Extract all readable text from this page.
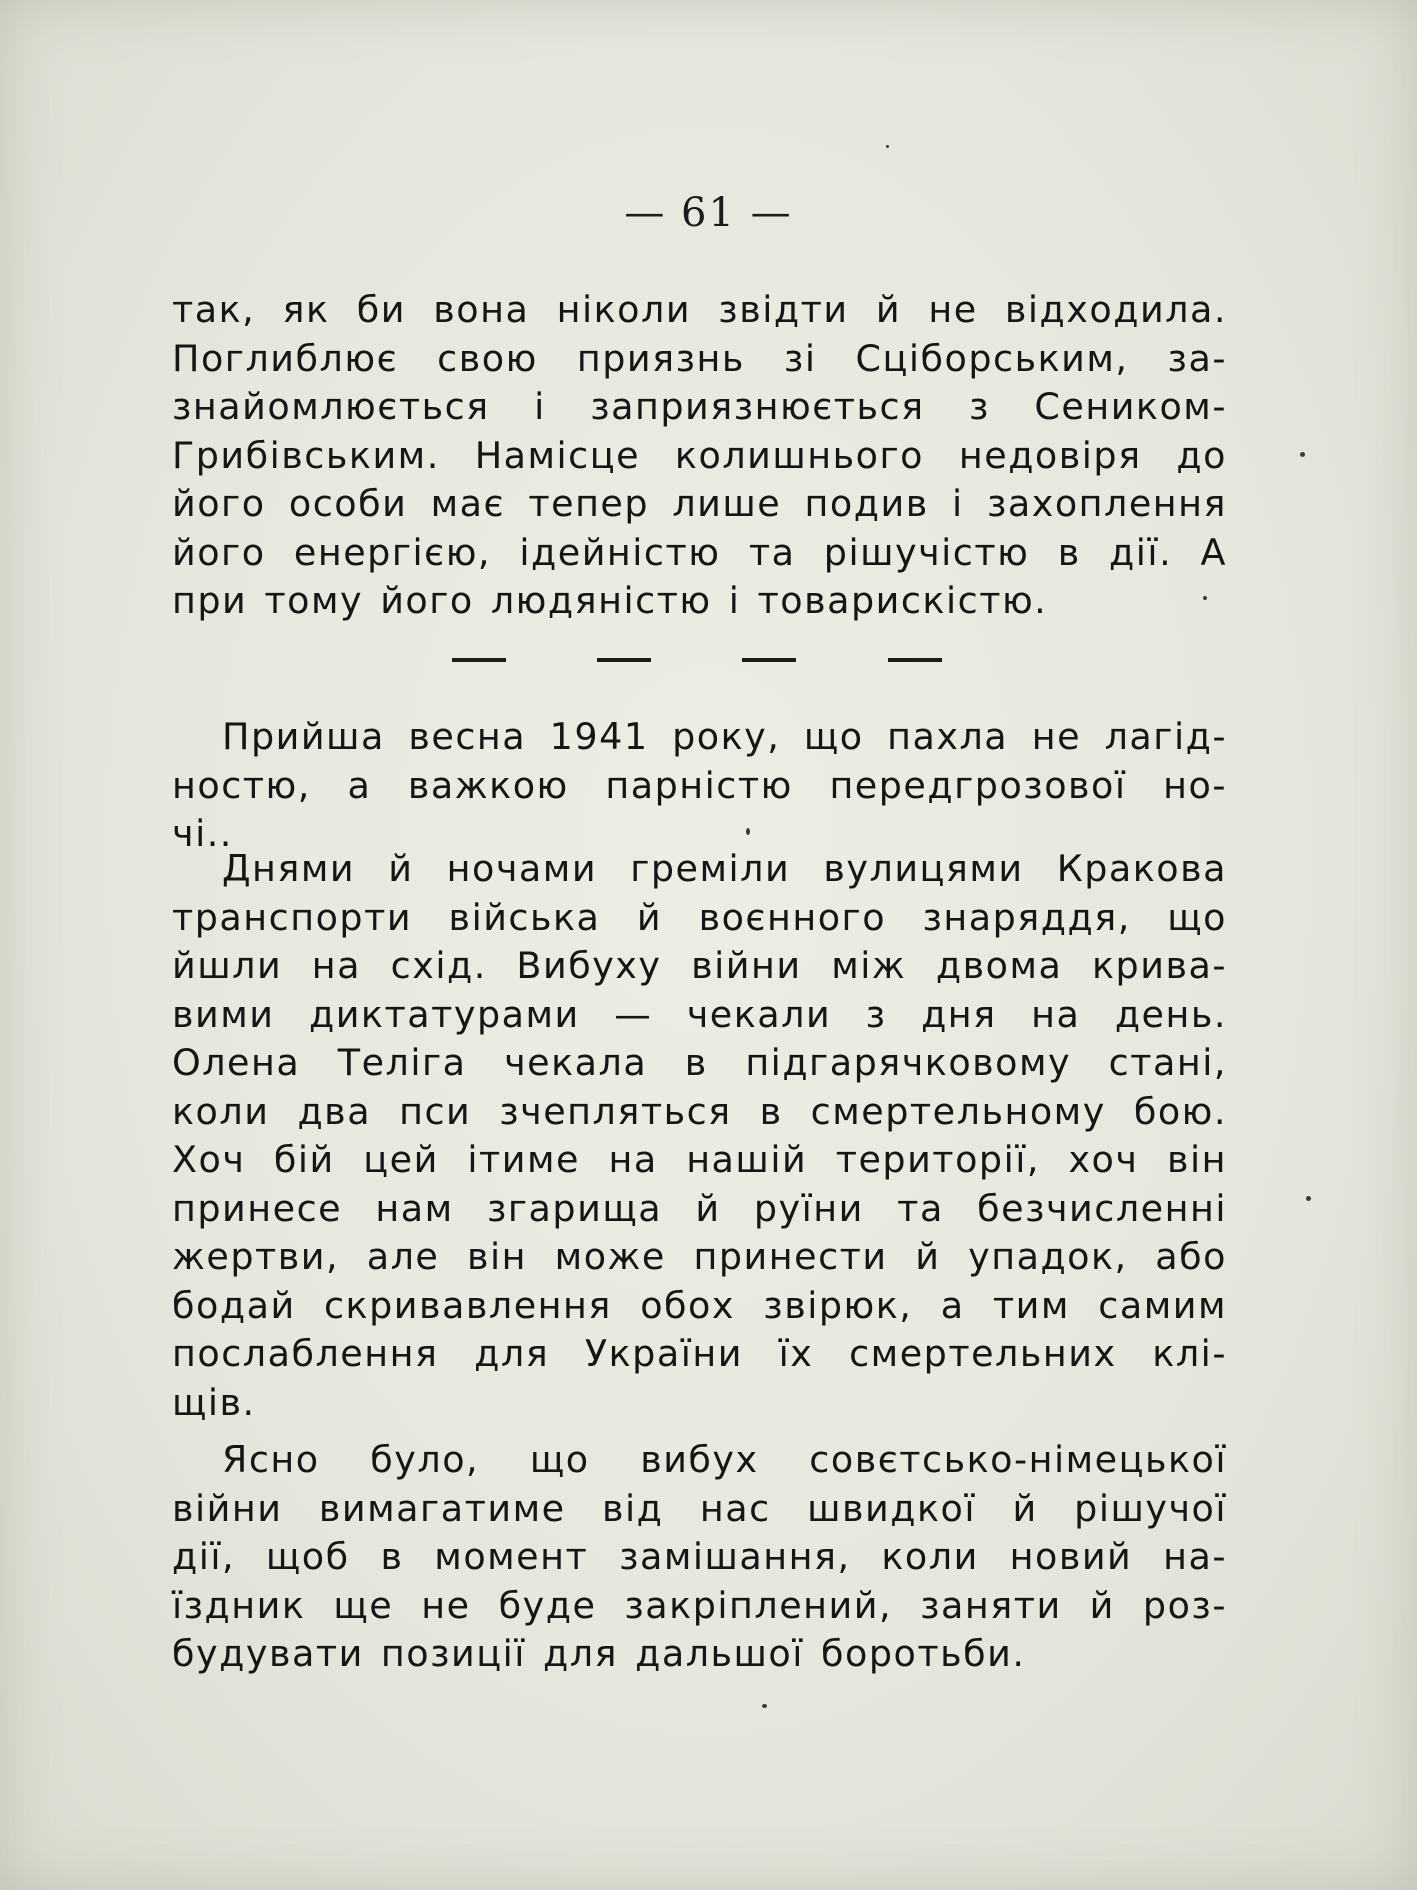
— 61 —
так, як би вона ніколи звідти й не відходила.
Поглиблює свою приязнь зі Сціборським, за-
знайомлюється і заприязнюється з Сеником-
Грибівським. Намісце колишнього недовіря до
його особи має тепер лише подив і захоплення
його енергією, ідейністю та рішучістю в дії. А
при тому його людяністю і товарискістю.
Прийша весна 1941 року, що пахла не лагід-
ностю, а важкою парністю передгрозової но-
чі..
Днями й ночами греміли вулицями Кракова
транспорти війська й воєнного знаряддя, що
йшли на схід. Вибуху війни між двома крива-
вими диктатурами — чекали з дня на день.
Олена Теліга чекала в підгарячковому стані,
коли два пси зчепляться в смертельному бою.
Хоч бій цей ітиме на нашій території, хоч він
принесе нам згарища й руїни та безчисленні
жертви, але він може принести й упадок, або
бодай скривавлення обох звірюк, а тим самим
послаблення для України їх смертельних клі-
щів.
Ясно було, що вибух совєтсько-німецької
війни вимагатиме від нас швидкої й рішучої
дії, щоб в момент замішання, коли новий на-
їздник ще не буде закріплений, заняти й роз-
будувати позиції для дальшої боротьби.
